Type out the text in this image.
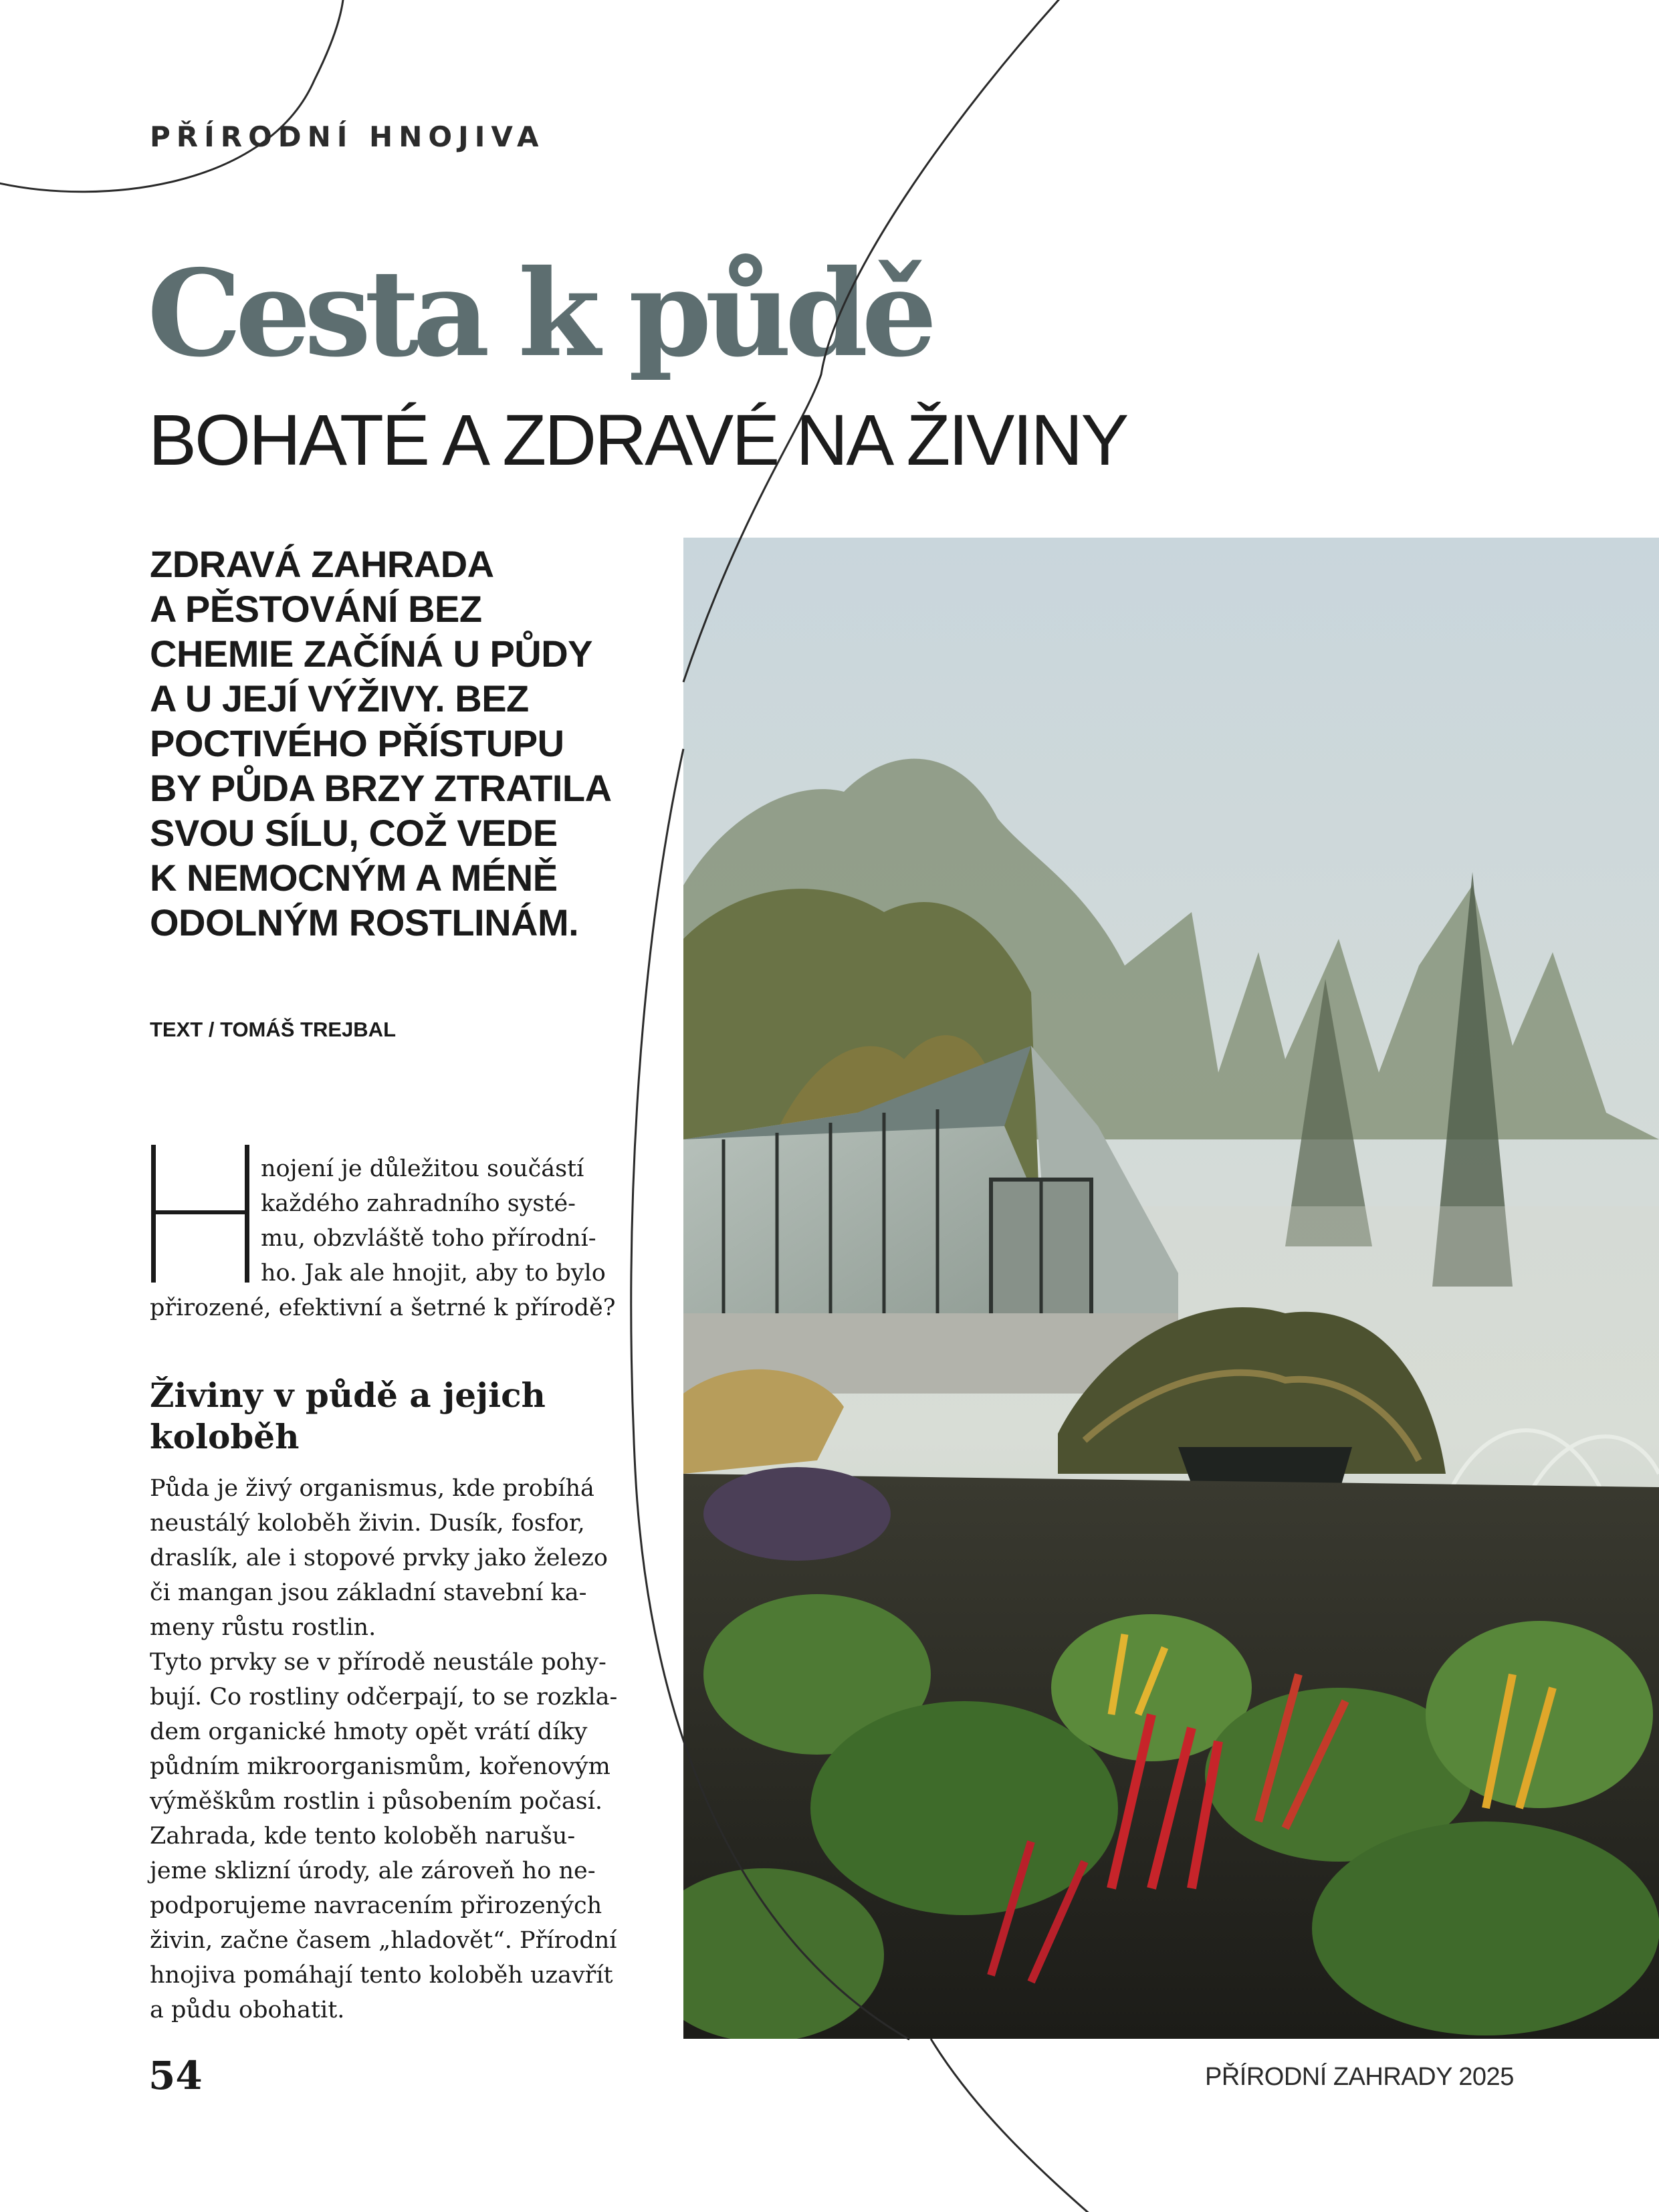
PŘÍRODNÍ HNOJIVA
Cesta k půdě
BOHATÉ A ZDRAVÉ NA ŽIVINY
ZDRAVÁ ZAHRADA
A PĚSTOVÁNÍ BEZ
CHEMIE ZAČÍNÁ U PŮDY
A U JEJÍ VÝŽIVY. BEZ
POCTIVÉHO PŘÍSTUPU
BY PŮDA BRZY ZTRATILA
SVOU SÍLU, COŽ VEDE
K NEMOCNÝM A MÉNĚ
ODOLNÝM ROSTLINÁM.
TEXT / TOMÁŠ TREJBAL
nojení je důležitou součástí
každého zahradního systé-
mu, obzvláště toho přírodní-
ho. Jak ale hnojit, aby to bylo
přirozené, efektivní a šetrné k přírodě?
Živiny v půdě a jejich
koloběh
Půda je živý organismus, kde probíhá
neustálý koloběh živin. Dusík, fosfor,
draslík, ale i stopové prvky jako železo
či mangan jsou základní stavební ka-
meny růstu rostlin.
Tyto prvky se v přírodě neustále pohy-
bují. Co rostliny odčerpají, to se rozkla-
dem organické hmoty opět vrátí díky
půdním mikroorganismům, kořenovým
výměškům rostlin i působením počasí.
Zahrada, kde tento koloběh narušu-
jeme sklizní úrody, ale zároveň ho ne-
podporujeme navracením přirozených
živin, začne časem „hladovět“. Přírodní
hnojiva pomáhají tento koloběh uzavřít
a půdu obohatit.
54	PŘÍRODNÍ ZAHRADY 2025
